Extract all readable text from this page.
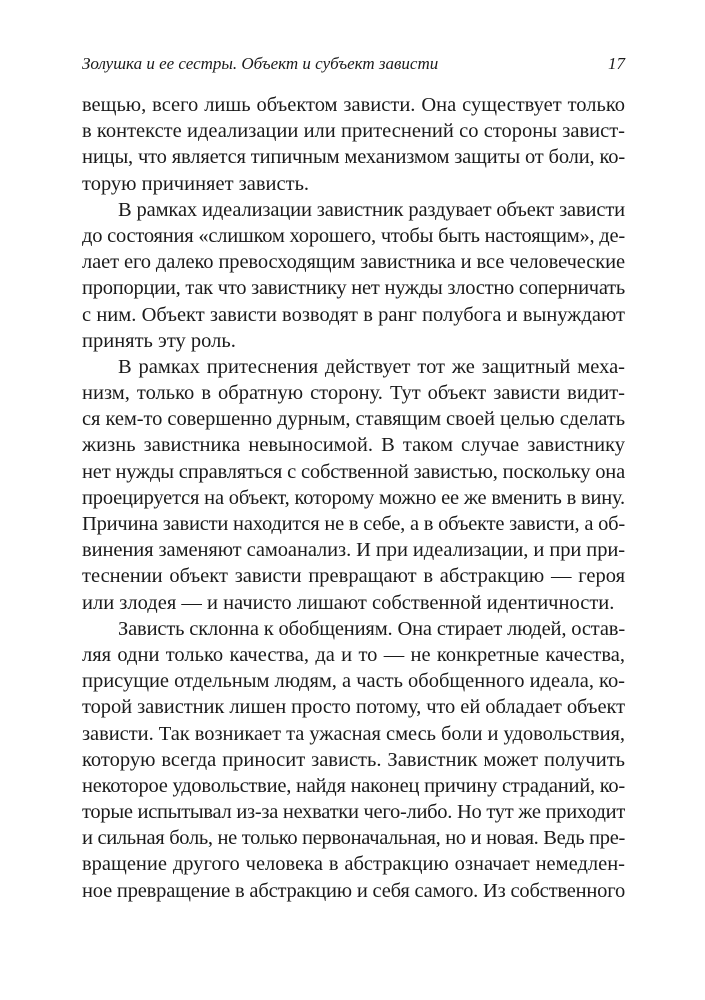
Золушка и ее сестры. Объект и субъект зависти	17
вещью, всего лишь объектом зависти. Она существует только
в контексте идеализации или притеснений со стороны завист-
ницы, что является типичным механизмом защиты от боли, ко-
торую причиняет зависть.
В рамках идеализации завистник раздувает объект зависти
до состояния «слишком хорошего, чтобы быть настоящим», де-
лает его далеко превосходящим завистника и все человеческие
пропорции, так что завистнику нет нужды злостно соперничать
с ним. Объект зависти возводят в ранг полубога и вынуждают
принять эту роль.
В рамках притеснения действует тот же защитный меха-
низм, только в обратную сторону. Тут объект зависти видит-
ся кем-то совершенно дурным, ставящим своей целью сделать
жизнь завистника невыносимой. В таком случае завистнику
нет нужды справляться с собственной завистью, поскольку она
проецируется на объект, которому можно ее же вменить в вину.
Причина зависти находится не в себе, а в объекте зависти, а об-
винения заменяют самоанализ. И при идеализации, и при при-
теснении объект зависти превращают в абстракцию — героя
или злодея — и начисто лишают собственной идентичности.
Зависть склонна к обобщениям. Она стирает людей, остав-
ляя одни только качества, да и то — не конкретные качества,
присущие отдельным людям, а часть обобщенного идеала, ко-
торой завистник лишен просто потому, что ей обладает объект
зависти. Так возникает та ужасная смесь боли и удовольствия,
которую всегда приносит зависть. Завистник может получить
некоторое удовольствие, найдя наконец причину страданий, ко-
торые испытывал из-за нехватки чего-либо. Но тут же приходит
и сильная боль, не только первоначальная, но и новая. Ведь пре-
вращение другого человека в абстракцию означает немедлен-
ное превращение в абстракцию и себя самого. Из собственного
